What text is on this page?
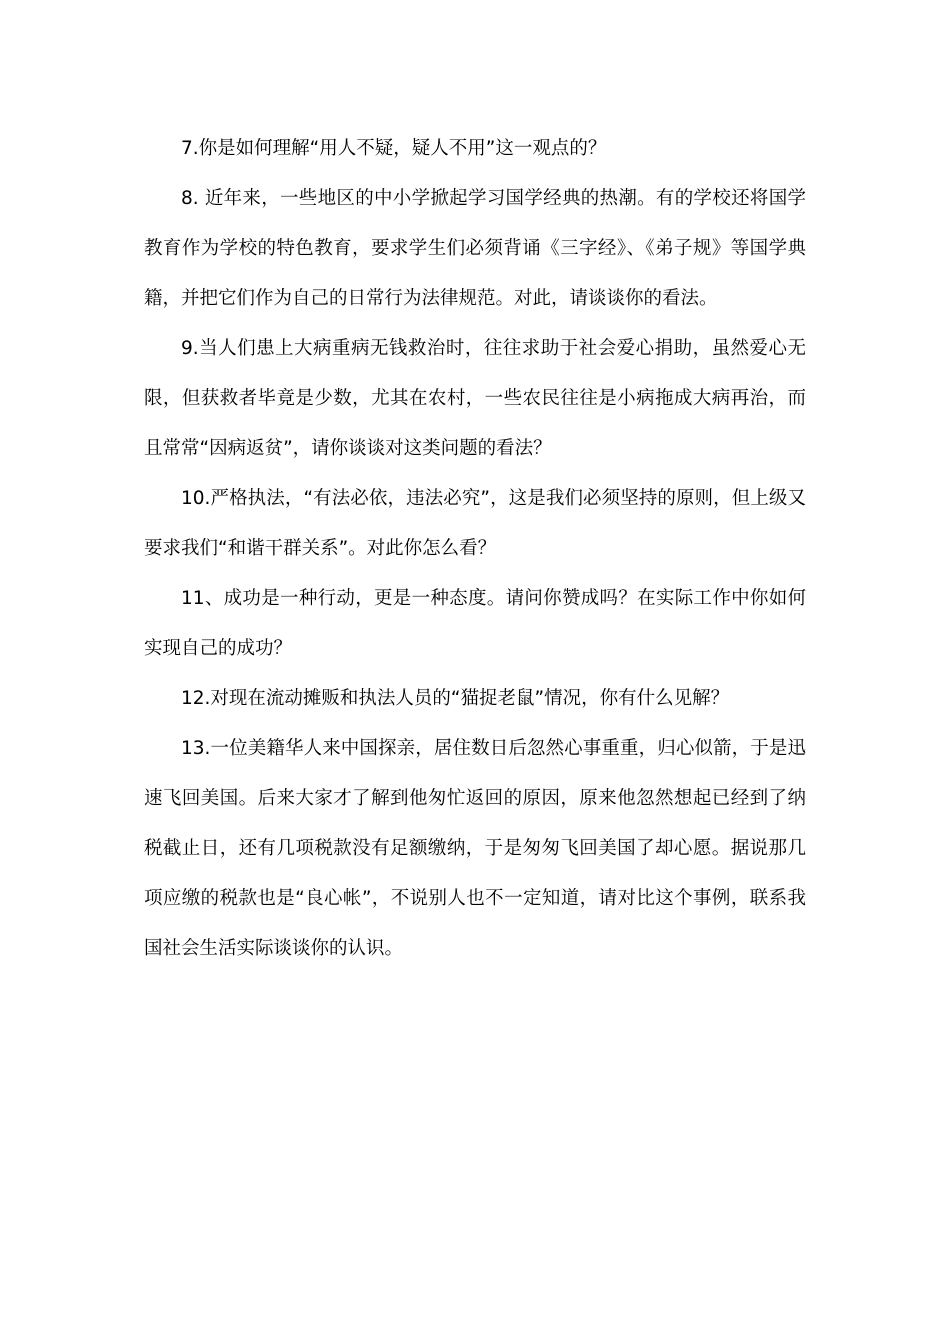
7.你是如何理解“用人不疑，疑人不用”这一观点的？

8. 近年来，一些地区的中小学掀起学习国学经典的热潮。有的学校还将国学教育作为学校的特色教育，要求学生们必须背诵《三字经》、《弟子规》等国学典籍，并把它们作为自己的日常行为法律规范。对此，请谈谈你的看法。

9.当人们患上大病重病无钱救治时，往往求助于社会爱心捐助，虽然爱心无限，但获救者毕竟是少数，尤其在农村，一些农民往往是小病拖成大病再治，而且常常“因病返贫”，请你谈谈对这类问题的看法？

10.严格执法，“有法必依，违法必究”，这是我们必须坚持的原则，但上级又要求我们“和谐干群关系”。对此你怎么看？

11、成功是一种行动，更是一种态度。请问你赞成吗？在实际工作中你如何实现自己的成功？

12.对现在流动摊贩和执法人员的“猫捉老鼠”情况，你有什么见解？

13.一位美籍华人来中国探亲，居住数日后忽然心事重重，归心似箭，于是迅速飞回美国。后来大家才了解到他匆忙返回的原因，原来他忽然想起已经到了纳税截止日，还有几项税款没有足额缴纳，于是匆匆飞回美国了却心愿。据说那几项应缴的税款也是“良心帐”，不说别人也不一定知道，请对比这个事例，联系我国社会生活实际谈谈你的认识。
